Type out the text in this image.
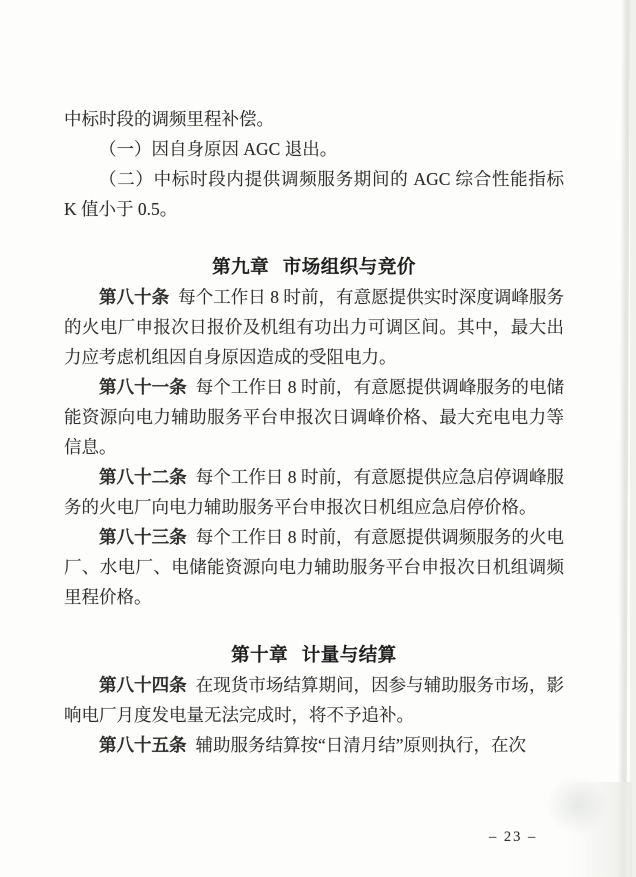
中标时段的调频里程补偿。

（一）因自身原因 AGC 退出。

（二）中标时段内提供调频服务期间的 AGC 综合性能指标 K 值小于 0.5。

第九章 市场组织与竞价

第八十条 每个工作日 8 时前，有意愿提供实时深度调峰服务的火电厂申报次日报价及机组有功出力可调区间。其中，最大出力应考虑机组因自身原因造成的受阻电力。

第八十一条 每个工作日 8 时前，有意愿提供调峰服务的电储能资源向电力辅助服务平台申报次日调峰价格、最大充电电力等信息。

第八十二条 每个工作日 8 时前，有意愿提供应急启停调峰服务的火电厂向电力辅助服务平台申报次日机组应急启停价格。

第八十三条 每个工作日 8 时前，有意愿提供调频服务的火电厂、水电厂、电储能资源向电力辅助服务平台申报次日机组调频里程价格。

第十章 计量与结算

第八十四条 在现货市场结算期间，因参与辅助服务市场，影响电厂月度发电量无法完成时，将不予追补。

第八十五条 辅助服务结算按“日清月结”原则执行，在次

– 23 –
